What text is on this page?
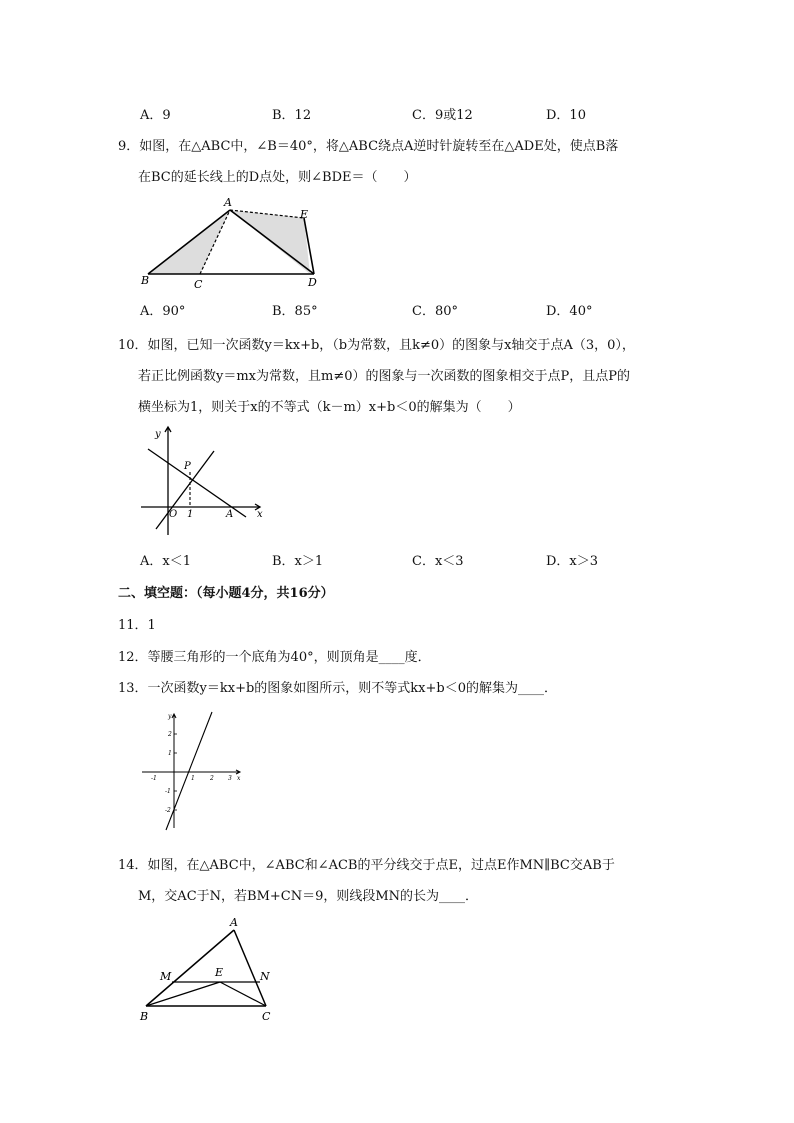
A．9	B．12	C．9或12	D．10
9．如图，在△ABC中，∠B＝40°，将△ABC绕点A逆时针旋转至在△ADE处，使点B落
在BC的延长线上的D点处，则∠BDE＝（　　）
A
B	C	D
E
A．90°	B．85°	C．80°	D．40°
10．如图，已知一次函数y＝kx+b，（b为常数，且k≠0）的图象与x轴交于点A（3，0），
若正比例函数y＝mx为常数，且m≠0）的图象与一次函数的图象相交于点P，且点P的
横坐标为1，则关于x的不等式（k－m）x+b＜0的解集为（　　）
y
P
O 1	A x
A．x＜1	B．x＞1	C．x＜3	D．x＞3
二、填空题：（每小题4分，共16分）
11．1
12．等腰三角形的一个底角为40°，则顶角是____度．
13．一次函数y＝kx+b的图象如图所示，则不等式kx+b＜0的解集为____．
y
x
2
1
-1
-2
-1	1	2 3
14．如图，在△ABC中，∠ABC和∠ACB的平分线交于点E，过点E作MN∥BC交AB于
M，交AC于N，若BM+CN＝9，则线段MN的长为____．
A
M	E	N
B	C
